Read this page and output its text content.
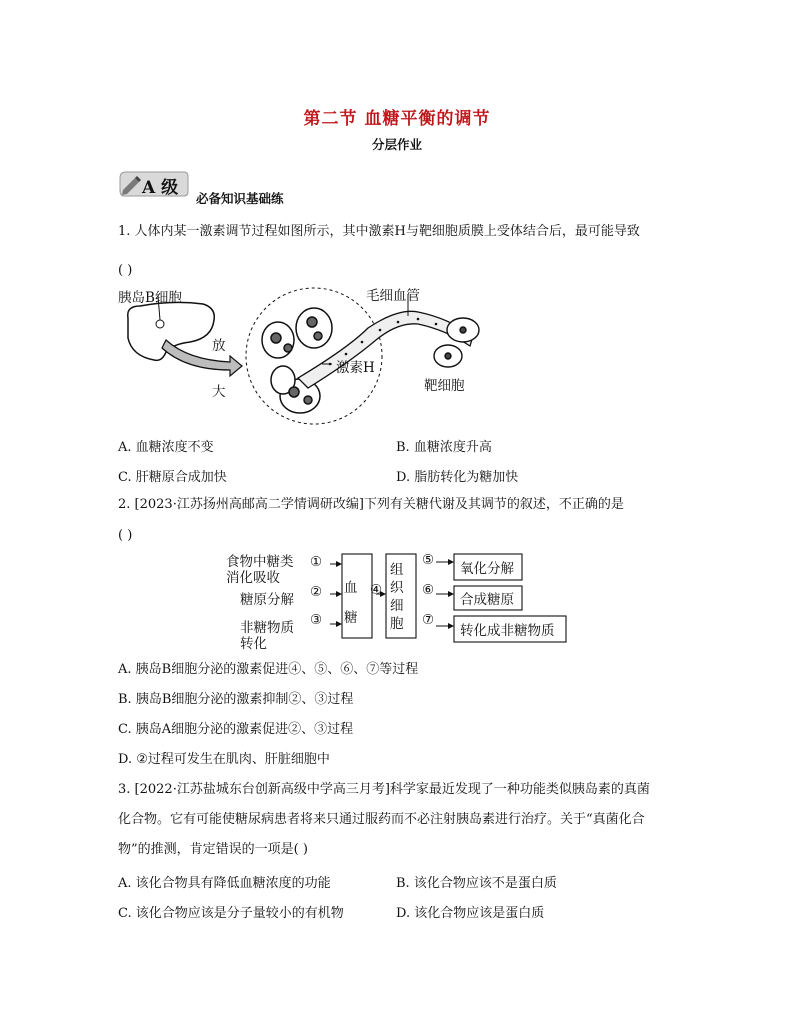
第二节 血糖平衡的调节
分层作业
A 级
必备知识基础练
1. 人体内某一激素调节过程如图所示，其中激素H与靶细胞质膜上受体结合后，最可能导致
( )
胰岛B细胞	毛细血管
放
大
激素H
靶细胞
A. 血糖浓度不变	B. 血糖浓度升高
C. 肝糖原合成加快	D. 脂肪转化为糖加快
2. [2023·江苏扬州高邮高二学情调研改编]下列有关糖代谢及其调节的叙述，不正确的是
( )
食物中糖类
消化吸收
糖原分解
非糖物质
转化
①
②
③
④
⑤
⑥
⑦
血
糖
组
织
细
胞
氧化分解
合成糖原
转化成非糖物质
A. 胰岛B细胞分泌的激素促进④、⑤、⑥、⑦等过程
B. 胰岛B细胞分泌的激素抑制②、③过程
C. 胰岛A细胞分泌的激素促进②、③过程
D. ②过程可发生在肌肉、肝脏细胞中
3. [2022·江苏盐城东台创新高级中学高三月考]科学家最近发现了一种功能类似胰岛素的真菌
化合物。它有可能使糖尿病患者将来只通过服药而不必注射胰岛素进行治疗。关于“真菌化合
物”的推测，肯定错误的一项是( )
A. 该化合物具有降低血糖浓度的功能	B. 该化合物应该不是蛋白质
C. 该化合物应该是分子量较小的有机物	D. 该化合物应该是蛋白质
